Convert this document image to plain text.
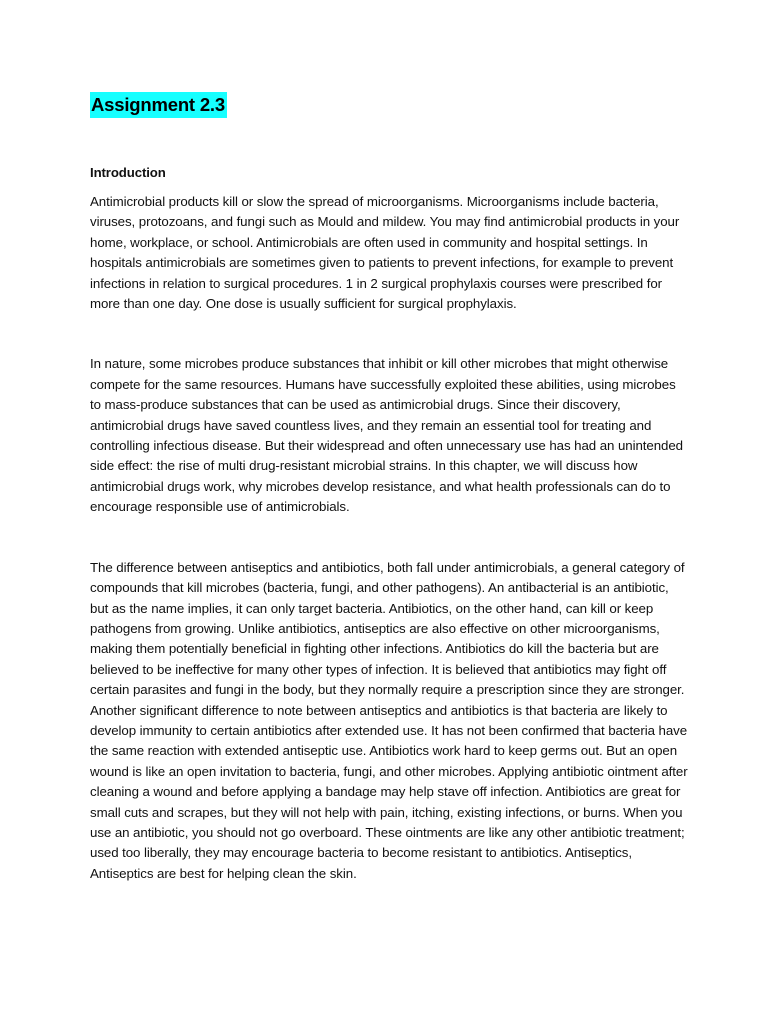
Assignment 2.3
Introduction

Antimicrobial products kill or slow the spread of microorganisms. Microorganisms include bacteria, viruses, protozoans, and fungi such as Mould and mildew. You may find antimicrobial products in your home, workplace, or school. Antimicrobials are often used in community and hospital settings. In hospitals antimicrobials are sometimes given to patients to prevent infections, for example to prevent infections in relation to surgical procedures. 1 in 2 surgical prophylaxis courses were prescribed for more than one day. One dose is usually sufficient for surgical prophylaxis.

In nature, some microbes produce substances that inhibit or kill other microbes that might otherwise compete for the same resources. Humans have successfully exploited these abilities, using microbes to mass-produce substances that can be used as antimicrobial drugs. Since their discovery, antimicrobial drugs have saved countless lives, and they remain an essential tool for treating and controlling infectious disease. But their widespread and often unnecessary use has had an unintended side effect: the rise of multi drug-resistant microbial strains. In this chapter, we will discuss how antimicrobial drugs work, why microbes develop resistance, and what health professionals can do to encourage responsible use of antimicrobials.

The difference between antiseptics and antibiotics, both fall under antimicrobials, a general category of compounds that kill microbes (bacteria, fungi, and other pathogens). An antibacterial is an antibiotic, but as the name implies, it can only target bacteria. Antibiotics, on the other hand, can kill or keep pathogens from growing. Unlike antibiotics, antiseptics are also effective on other microorganisms, making them potentially beneficial in fighting other infections. Antibiotics do kill the bacteria but are believed to be ineffective for many other types of infection. It is believed that antibiotics may fight off certain parasites and fungi in the body, but they normally require a prescription since they are stronger. Another significant difference to note between antiseptics and antibiotics is that bacteria are likely to develop immunity to certain antibiotics after extended use. It has not been confirmed that bacteria have the same reaction with extended antiseptic use. Antibiotics work hard to keep germs out. But an open wound is like an open invitation to bacteria, fungi, and other microbes. Applying antibiotic ointment after cleaning a wound and before applying a bandage may help stave off infection. Antibiotics are great for small cuts and scrapes, but they will not help with pain, itching, existing infections, or burns. When you use an antibiotic, you should not go overboard. These ointments are like any other antibiotic treatment; used too liberally, they may encourage bacteria to become resistant to antibiotics. Antiseptics, Antiseptics are best for helping clean the skin.
